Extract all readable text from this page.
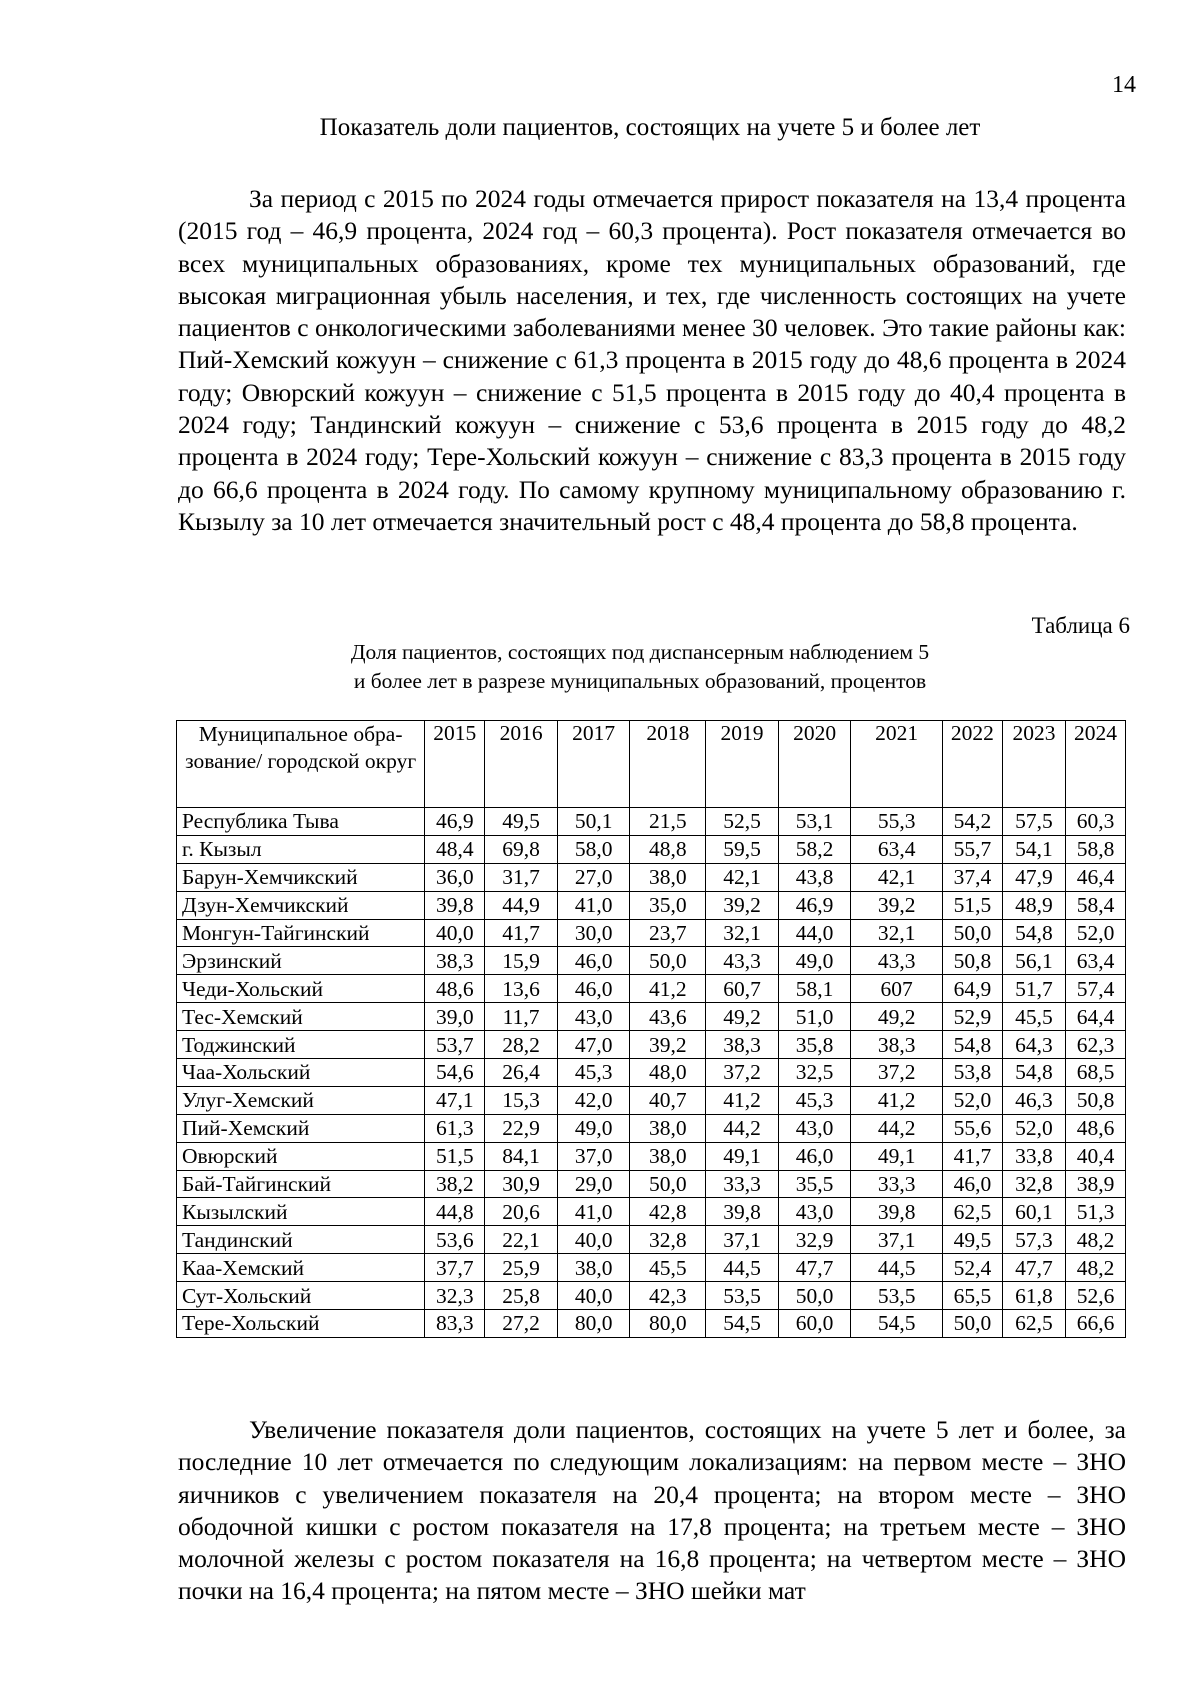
14
Показатель доли пациентов, состоящих на учете 5 и более лет

За период с 2015 по 2024 годы отмечается прирост показателя на 13,4 процента (2015 год – 46,9 процента, 2024 год – 60,3 процента). Рост показателя отмечается во всех муниципальных образованиях, кроме тех муниципальных образований, где высокая миграционная убыль населения, и тех, где численность состоящих на учете пациентов с онкологическими заболеваниями менее 30 человек. Это такие районы как: Пий-Хемский кожуун – снижение с 61,3 процента в 2015 году до 48,6 процента в 2024 году; Овюрский кожуун – снижение с 51,5 процента в 2015 году до 40,4 процента в 2024 году; Тандинский кожуун – снижение с 53,6 процента в 2015 году до 48,2 процента в 2024 году; Тере-Хольский кожуун – снижение с 83,3 процента в 2015 году до 66,6 процента в 2024 году. По самому крупному муниципальному образованию г. Кызылу за 10 лет отмечается значительный рост с 48,4 процента до 58,8 процента.

Таблица 6
Доля пациентов, состоящих под диспансерным наблюдением 5
и более лет в разрезе муниципальных образований, процентов
Муниципальное обра-зование/ городской округ	2015	2016	2017	2018	2019	2020	2021	2022	2023	2024
Республика Тыва	46,9	49,5	50,1	21,5	52,5	53,1	55,3	54,2	57,5	60,3
г. Кызыл	48,4	69,8	58,0	48,8	59,5	58,2	63,4	55,7	54,1	58,8
Барун-Хемчикский	36,0	31,7	27,0	38,0	42,1	43,8	42,1	37,4	47,9	46,4
Дзун-Хемчикский	39,8	44,9	41,0	35,0	39,2	46,9	39,2	51,5	48,9	58,4
Монгун-Тайгинский	40,0	41,7	30,0	23,7	32,1	44,0	32,1	50,0	54,8	52,0
Эрзинский	38,3	15,9	46,0	50,0	43,3	49,0	43,3	50,8	56,1	63,4
Чеди-Хольский	48,6	13,6	46,0	41,2	60,7	58,1	607	64,9	51,7	57,4
Тес-Хемский	39,0	11,7	43,0	43,6	49,2	51,0	49,2	52,9	45,5	64,4
Тоджинский	53,7	28,2	47,0	39,2	38,3	35,8	38,3	54,8	64,3	62,3
Чаа-Хольский	54,6	26,4	45,3	48,0	37,2	32,5	37,2	53,8	54,8	68,5
Улуг-Хемский	47,1	15,3	42,0	40,7	41,2	45,3	41,2	52,0	46,3	50,8
Пий-Хемский	61,3	22,9	49,0	38,0	44,2	43,0	44,2	55,6	52,0	48,6
Овюрский	51,5	84,1	37,0	38,0	49,1	46,0	49,1	41,7	33,8	40,4
Бай-Тайгинский	38,2	30,9	29,0	50,0	33,3	35,5	33,3	46,0	32,8	38,9
Кызылский	44,8	20,6	41,0	42,8	39,8	43,0	39,8	62,5	60,1	51,3
Тандинский	53,6	22,1	40,0	32,8	37,1	32,9	37,1	49,5	57,3	48,2
Каа-Хемский	37,7	25,9	38,0	45,5	44,5	47,7	44,5	52,4	47,7	48,2
Сут-Хольский	32,3	25,8	40,0	42,3	53,5	50,0	53,5	65,5	61,8	52,6
Тере-Хольский	83,3	27,2	80,0	80,0	54,5	60,0	54,5	50,0	62,5	66,6

Увеличение показателя доли пациентов, состоящих на учете 5 лет и более, за последние 10 лет отмечается по следующим локализациям: на первом месте – ЗНО яичников с увеличением показателя на 20,4 процента; на втором месте – ЗНО ободочной кишки с ростом показателя на 17,8 процента; на третьем месте – ЗНО молочной железы с ростом показателя на 16,8 процента; на четвертом месте – ЗНО почки на 16,4 процента; на пятом месте – ЗНО шейки мат
